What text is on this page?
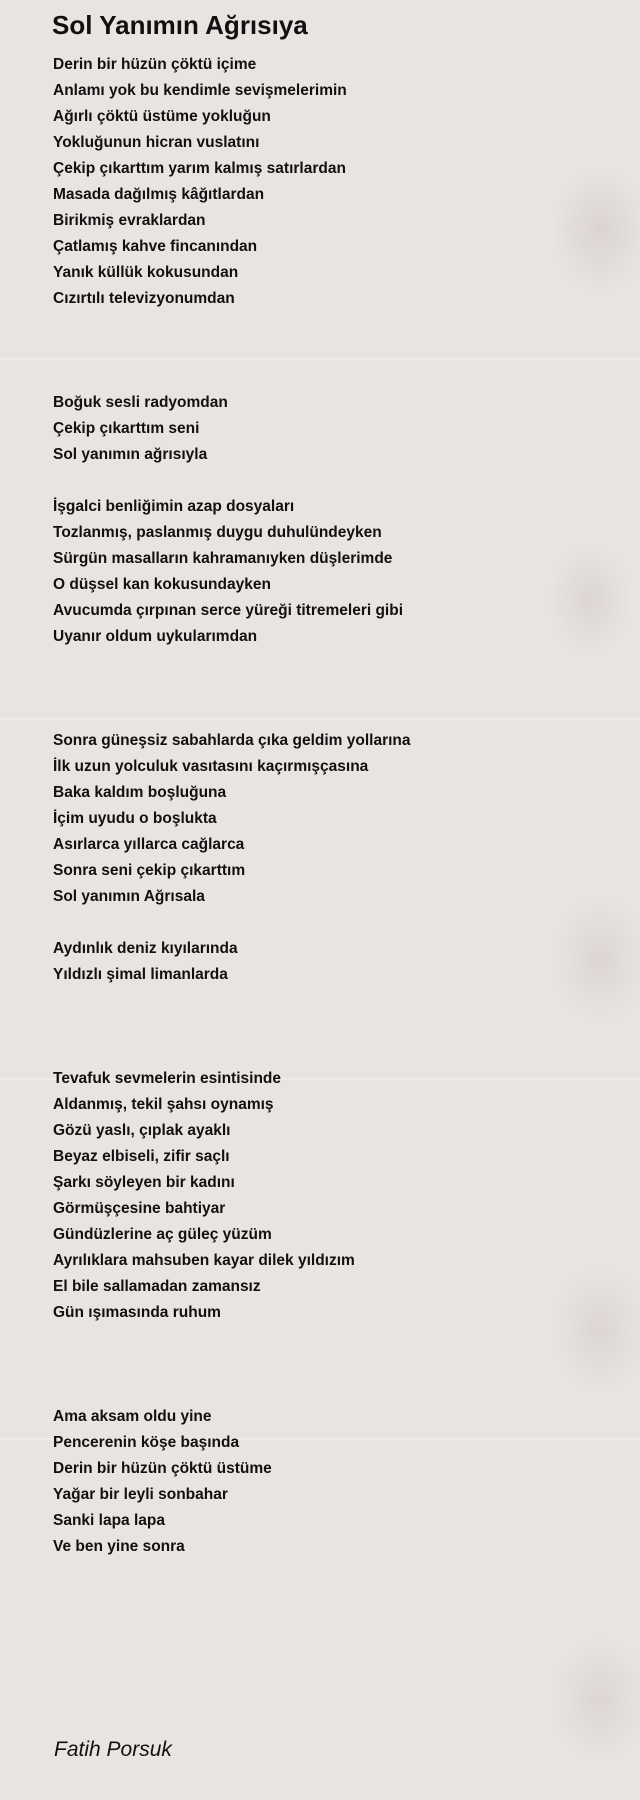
Sol Yanımın Ağrısıya
Derin bir hüzün çöktü içime
Anlamı yok bu kendimle sevişmelerimin
Ağırlı çöktü üstüme yokluğun
Yokluğunun hicran vuslatını
Çekip çıkarttım yarım kalmış satırlardan
Masada dağılmış kâğıtlardan
Birikmiş evraklardan
Çatlamış kahve fincanından
Yanık küllük kokusundan
Cızırtılı televizyonumdan
Boğuk sesli radyomdan
Çekip çıkarttım seni
Sol yanımın ağrısıyla
İşgalci benliğimin azap dosyaları
Tozlanmış, paslanmış duygu duhulündeyken
Sürgün masalların kahramanıyken düşlerimde
O düşsel kan kokusundayken
Avucumda çırpınan serce yüreği titremeleri gibi
Uyanır oldum uykularımdan
Sonra güneşsiz sabahlarda çıka geldim yollarına
İlk uzun yolculuk vasıtasını kaçırmışçasına
Baka kaldım boşluğuna
İçim uyudu o boşlukta
Asırlarca yıllarca cağlarca
Sonra seni çekip çıkarttım
Sol yanımın Ağrısala
Aydınlık deniz kıyılarında
Yıldızlı şimal limanlarda
Tevafuk sevmelerin esintisinde
Aldanmış, tekil şahsı oynamış
Gözü yaslı, çıplak ayaklı
Beyaz elbiseli, zifir saçlı
Şarkı söyleyen bir kadını
Görmüşçesine bahtiyar
Gündüzlerine aç güleç yüzüm
Ayrılıklara mahsuben kayar dilek yıldızım
El bile sallamadan zamansız
Gün ışımasında ruhum
Ama aksam oldu yine
Pencerenin köşe başında
Derin bir hüzün çöktü üstüme
Yağar bir leyli sonbahar
Sanki lapa lapa
Ve ben yine sonra

Fatih Porsuk
